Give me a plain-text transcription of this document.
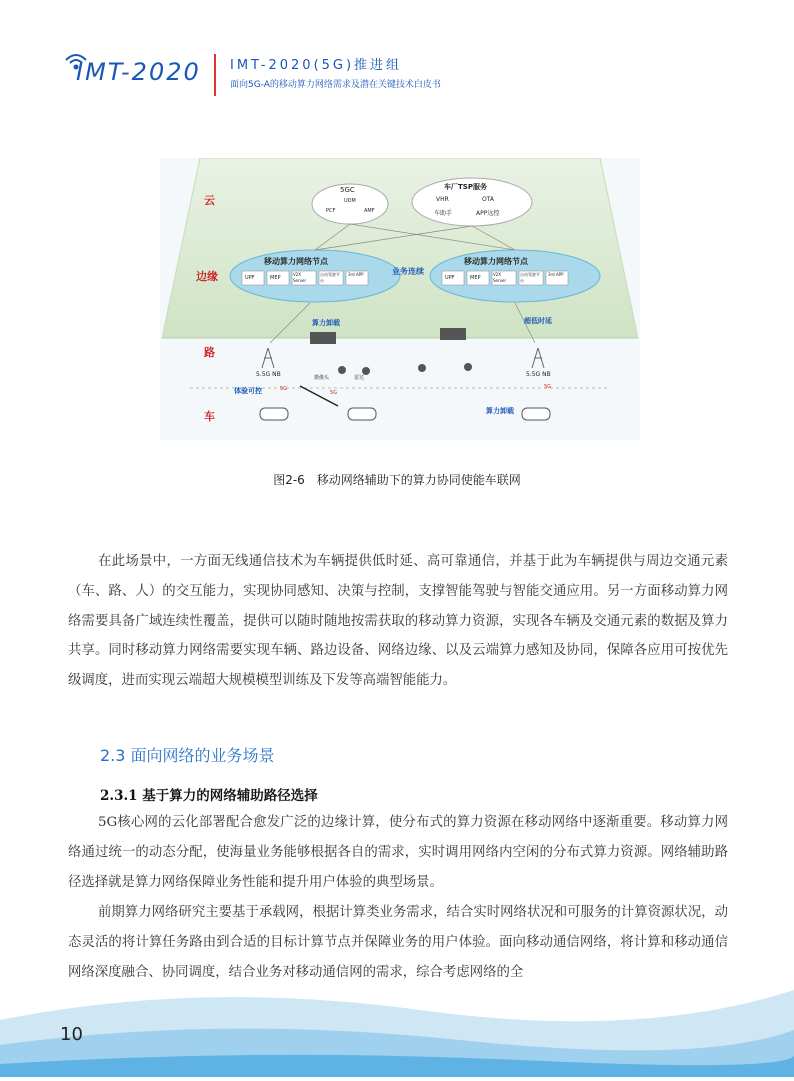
IMT-2020 IMT-2020(5G)推进组
面向5G-A的移动算力网络需求及潜在关键技术白皮书
云
边缘
路
车
5GC
UDM
PCF	AMF
车厂TSP服务
VHR	OTA
车助手	APP远控
移动算力网络节点	移动算力网络节点
UPF	MEP
V2X Server
自动驾驶平台
3rd APP
UPF	MEP
V2X Server
自动驾驶平台
3rd APP
业务连续
算力卸载	超低时延
5.5G NB	5.5G NB
摄像头	雷达
体验可控	5G
5G
5G
算力卸载
图2-6　移动网络辅助下的算力协同使能车联网
在此场景中，一方面无线通信技术为车辆提供低时延、高可靠通信，并基于此为车辆提供与周边交通元素（车、路、人）的交互能力，实现协同感知、决策与控制，支撑智能驾驶与智能交通应用。另一方面移动算力网络需要具备广域连续性覆盖，提供可以随时随地按需获取的移动算力资源，实现各车辆及交通元素的数据及算力共享。同时移动算力网络需要实现车辆、路边设备、网络边缘、以及云端算力感知及协同，保障各应用可按优先级调度，进而实现云端超大规模模型训练及下发等高端智能能力。
2.3 面向网络的业务场景
2.3.1 基于算力的网络辅助路径选择
5G核心网的云化部署配合愈发广泛的边缘计算，使分布式的算力资源在移动网络中逐渐重要。移动算力网络通过统一的动态分配，使海量业务能够根据各自的需求，实时调用网络内空闲的分布式算力资源。网络辅助路径选择就是算力网络保障业务性能和提升用户体验的典型场景。
前期算力网络研究主要基于承载网，根据计算类业务需求，结合实时网络状况和可服务的计算资源状况，动态灵活的将计算任务路由到合适的目标计算节点并保障业务的用户体验。面向移动通信网络，将计算和移动通信网络深度融合、协同调度，结合业务对移动通信网的需求，综合考虑网络的全
10
